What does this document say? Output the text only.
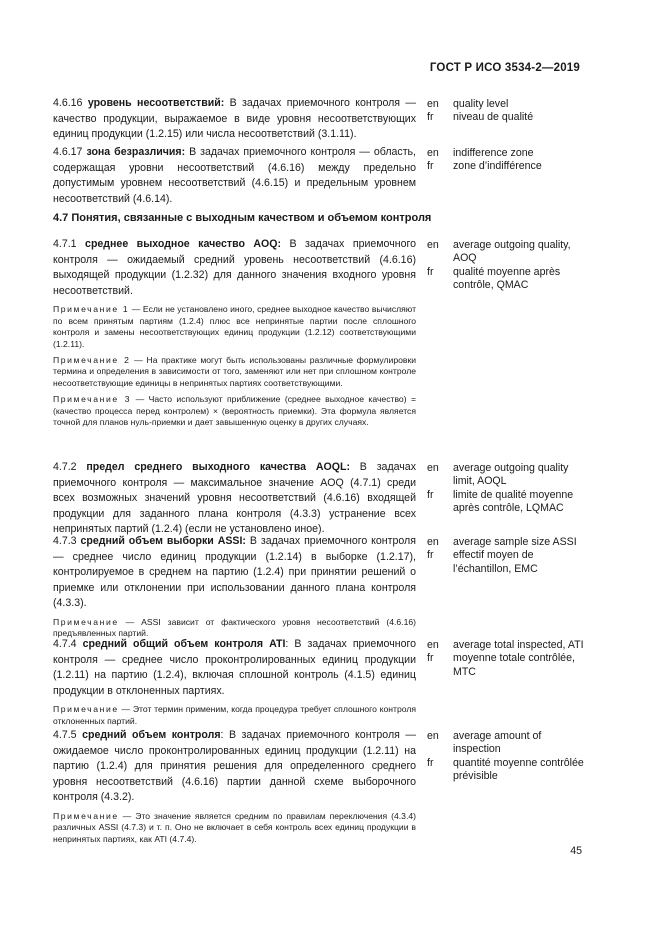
ГОСТ Р ИСО 3534-2—2019
4.7 Понятия, связанные с выходным качеством и объемом контроля
4.6.16 уровень несоответствий: В задачах приемочного контроля — качество продукции, выражаемое в виде уровня несоответствующих единиц продукции (1.2.15) или числа несоответствий (3.1.11).
en	quality level
fr	niveau de qualité
4.6.17 зона безразличия: В задачах приемочного контроля — область, содержащая уровни несоответствий (4.6.16) между предельно допустимым уровнем несоответствий (4.6.15) и предельным уровнем несоответствий (4.6.14).
en	indifference zone
fr	zone d’indifférence
4.7.1 среднее выходное качество AOQ: В задачах приемочного контроля — ожидаемый средний уровень несоответствий (4.6.16) выходящей продукции (1.2.32) для данного значения входного уровня несоответствий.
Примечание 1 — Если не установлено иного, среднее выходное качество вычисляют по всем принятым партиям (1.2.4) плюс все непринятые партии после сплошного контроля и замены несоответствующих единиц продукции (1.2.12) соответствующими (1.2.11).
Примечание 2 — На практике могут быть использованы различные формулировки термина и определения в зависимости от того, заменяют или нет при сплошном контроле несоответствующие единицы в непринятых партиях соответствующими.
Примечание 3 — Часто используют приближение (среднее выходное качество) = (качество процесса перед контролем) × (вероятность приемки). Эта формула является точной для планов нуль-приемки и дает завышенную оценку в других случаях.
en	average outgoing quality, AOQ
fr	qualité moyenne après contrôle, QMAC
4.7.2 предел среднего выходного качества AOQL: В задачах приемочного контроля — максимальное значение AOQ (4.7.1) среди всех возможных значений уровня несоответствий (4.6.16) входящей продукции для заданного плана контроля (4.3.3) устранение всех непринятых партий (1.2.4) (если не установлено иное).
en	average outgoing quality limit, AOQL
fr	limite de qualité moyenne après contrôle, LQMAC
4.7.3 средний объем выборки ASSI: В задачах приемочного контроля — среднее число единиц продукции (1.2.14) в выборке (1.2.17), контролируемое в среднем на партию (1.2.4) при принятии решений о приемке или отклонении при использовании данного плана контроля (4.3.3).
Примечание — ASSI зависит от фактического уровня несоответствий (4.6.16) предъявленных партий.
en	average sample size ASSI
fr	effectif moyen de l’échantillon, EMC
4.7.4 средний общий объем контроля ATI: В задачах приемочного контроля — среднее число проконтролированных единиц продукции (1.2.11) на партию (1.2.4), включая сплошной контроль (4.1.5) единиц продукции в отклоненных партиях.
Примечание — Этот термин применим, когда процедура требует сплошного контроля отклоненных партий.
en	average total inspected, ATI
fr	moyenne totale contrôlée, MTC
4.7.5 средний объем контроля: В задачах приемочного контроля — ожидаемое число проконтролированных единиц продукции (1.2.11) на партию (1.2.4) для принятия решения для определенного среднего уровня несоответствий (4.6.16) партии данной схеме выборочного контроля (4.3.2).
Примечание — Это значение является средним по правилам переключения (4.3.4) различных ASSI (4.7.3) и т. п. Оно не включает в себя контроль всех единиц продукции в непринятых партиях, как ATI (4.7.4).
en	average amount of inspection
fr	quantité moyenne contrôlée prévisible
45
